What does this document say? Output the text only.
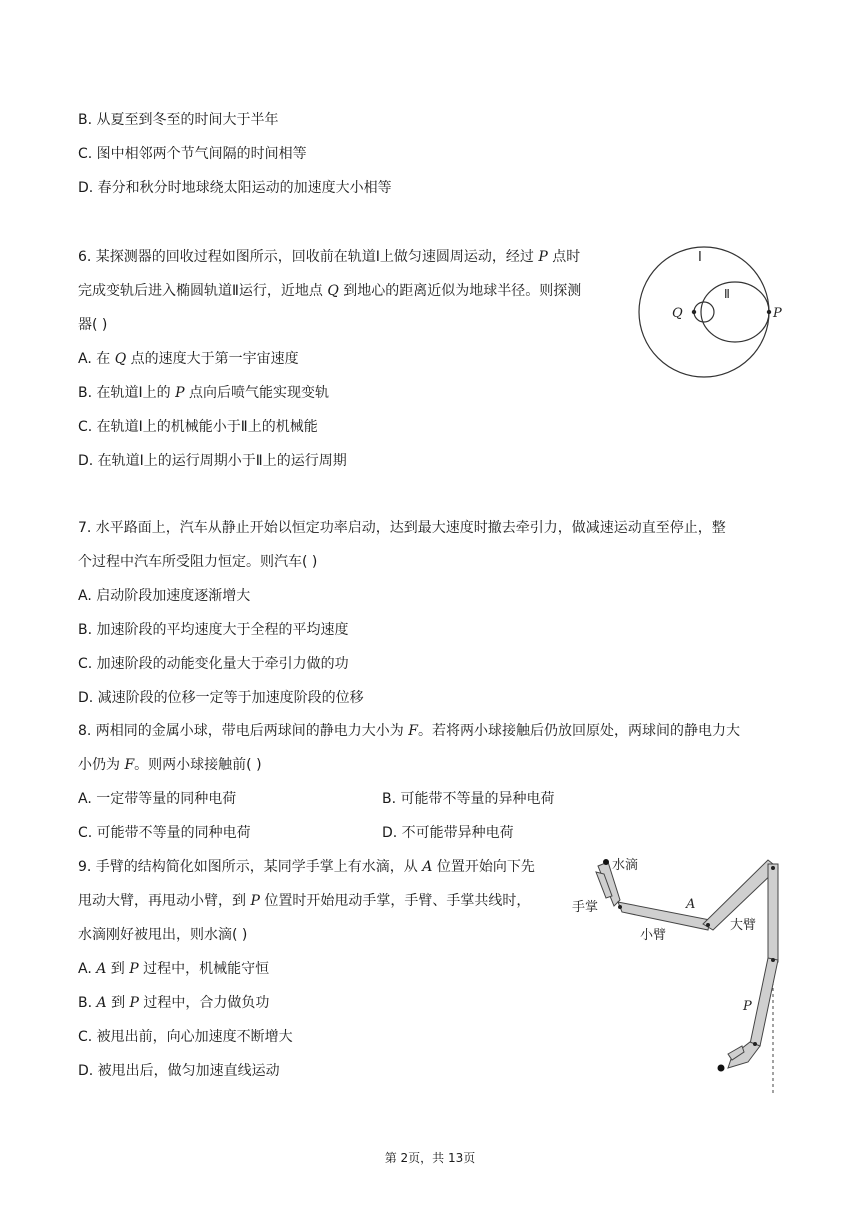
B. 从夏至到冬至的时间大于半年
C. 图中相邻两个节气间隔的时间相等
D. 春分和秋分时地球绕太阳运动的加速度大小相等
6. 某探测器的回收过程如图所示，回收前在轨道Ⅰ上做匀速圆周运动，经过 P 点时
完成变轨后进入椭圆轨道Ⅱ运行，近地点 Q 到地心的距离近似为地球半径。则探测
器( )
A. 在 Q 点的速度大于第一宇宙速度
B. 在轨道Ⅰ上的 P 点向后喷气能实现变轨
C. 在轨道Ⅰ上的机械能小于Ⅱ上的机械能
D. 在轨道Ⅰ上的运行周期小于Ⅱ上的运行周期
Ⅰ
Ⅱ
Q	P
7. 水平路面上，汽车从静止开始以恒定功率启动，达到最大速度时撤去牵引力，做减速运动直至停止，整
个过程中汽车所受阻力恒定。则汽车( )
A. 启动阶段加速度逐渐增大
B. 加速阶段的平均速度大于全程的平均速度
C. 加速阶段的动能变化量大于牵引力做的功
D. 减速阶段的位移一定等于加速度阶段的位移
8. 两相同的金属小球，带电后两球间的静电力大小为 F。若将两小球接触后仍放回原处，两球间的静电力大
小仍为 F。则两小球接触前( )
A. 一定带等量的同种电荷	B. 可能带不等量的异种电荷
C. 可能带不等量的同种电荷	D. 不可能带异种电荷
9. 手臂的结构简化如图所示，某同学手掌上有水滴，从 A 位置开始向下先
甩动大臂，再甩动小臂，到 P 位置时开始甩动手掌，手臂、手掌共线时，
水滴刚好被甩出，则水滴( )
A. A 到 P 过程中，机械能守恒
B. A 到 P 过程中，合力做负功
C. 被甩出前，向心加速度不断增大
D. 被甩出后，做匀加速直线运动
水滴
手掌
小臂
大臂
A
P
第 2页，共 13页
